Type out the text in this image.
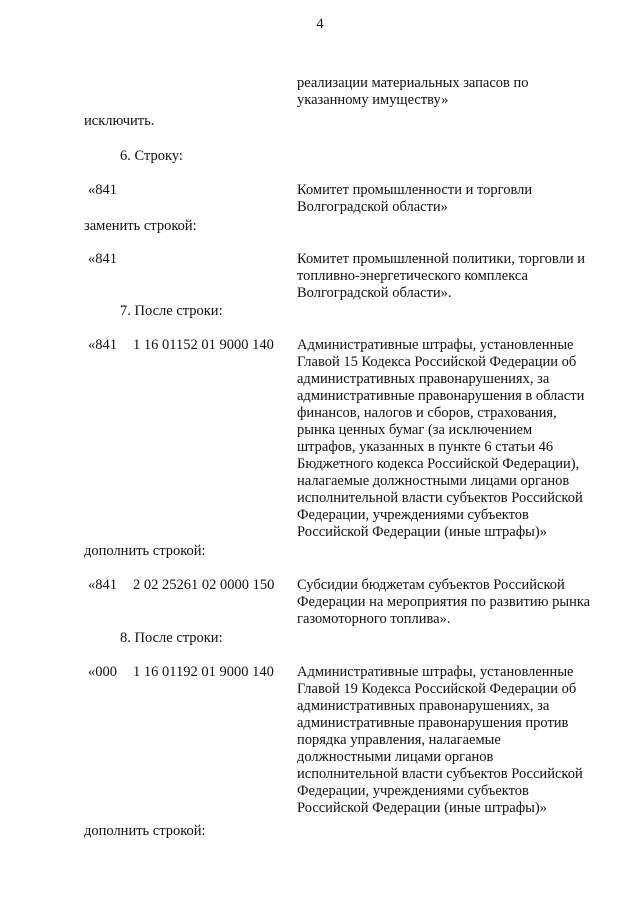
4
реализации материальных запасов по
указанному имуществу»
исключить.
6. Строку:
«841	Комитет промышленности и торговли
Волгоградской области»
заменить строкой:
«841	Комитет промышленной политики, торговли и
топливно-энергетического комплекса
Волгоградской области».
7. После строки:
«841 1 16 01152 01 9000 140 Административные штрафы, установленные
Главой 15 Кодекса Российской Федерации об
административных правонарушениях, за
административные правонарушения в области
финансов, налогов и сборов, страхования,
рынка ценных бумаг (за исключением
штрафов, указанных в пункте 6 статьи 46
Бюджетного кодекса Российской Федерации),
налагаемые должностными лицами органов
исполнительной власти субъектов Российской
Федерации, учреждениями субъектов
Российской Федерации (иные штрафы)»
дополнить строкой:
«841 2 02 25261 02 0000 150 Субсидии бюджетам субъектов Российской
Федерации на мероприятия по развитию рынка
газомоторного топлива».
8. После строки:
«000 1 16 01192 01 9000 140 Административные штрафы, установленные
Главой 19 Кодекса Российской Федерации об
административных правонарушениях, за
административные правонарушения против
порядка управления, налагаемые
должностными лицами органов
исполнительной власти субъектов Российской
Федерации, учреждениями субъектов
Российской Федерации (иные штрафы)»
дополнить строкой:
